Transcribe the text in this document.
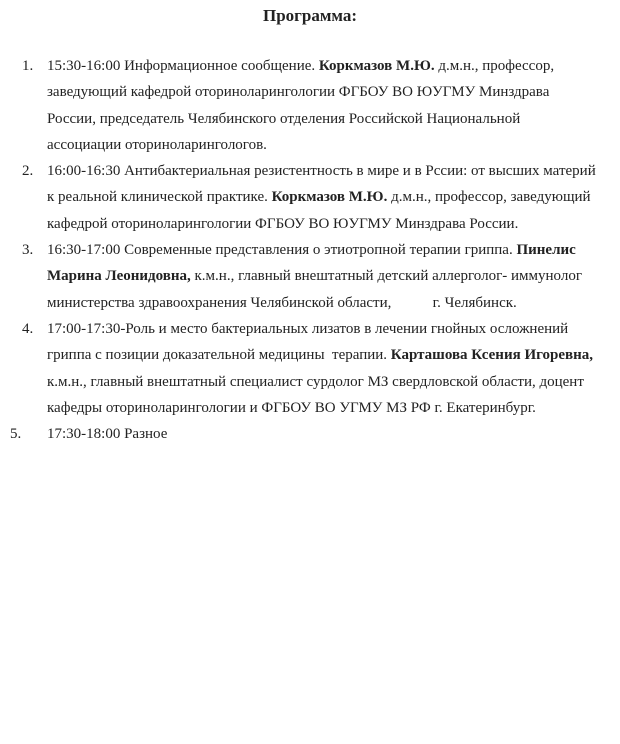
Программа:
1. 15:30-16:00 Информационное сообщение. Коркмазов М.Ю. д.м.н., профессор,
заведующий кафедрой оториноларингологии ФГБОУ ВО ЮУГМУ Минздрава
России, председатель Челябинского отделения Российской Национальной
ассоциации оториноларингологов.
2. 16:00-16:30 Антибактериальная резистентность в мире и в Рссии: от высших материй
к реальной клинической практике. Коркмазов М.Ю. д.м.н., профессор, заведующий
кафедрой оториноларингологии ФГБОУ ВО ЮУГМУ Минздрава России.
3. 16:30-17:00 Современные представления о этиотропной терапии гриппа. Пинелис
Марина Леонидовна, к.м.н., главный внештатный детский аллерголог- иммунолог
министерства здравоохранения Челябинской области,           г. Челябинск.
4. 17:00-17:30-Роль и место бактериальных лизатов в лечении гнойных осложнений
гриппа с позиции доказательной медицины  терапии. Карташова Ксения Игоревна,
к.м.н., главный внештатный специалист сурдолог МЗ свердловской области, доцент
кафедры оториноларингологии и ФГБОУ ВО УГМУ МЗ РФ г. Екатеринбург.
5. 17:30-18:00 Разное
